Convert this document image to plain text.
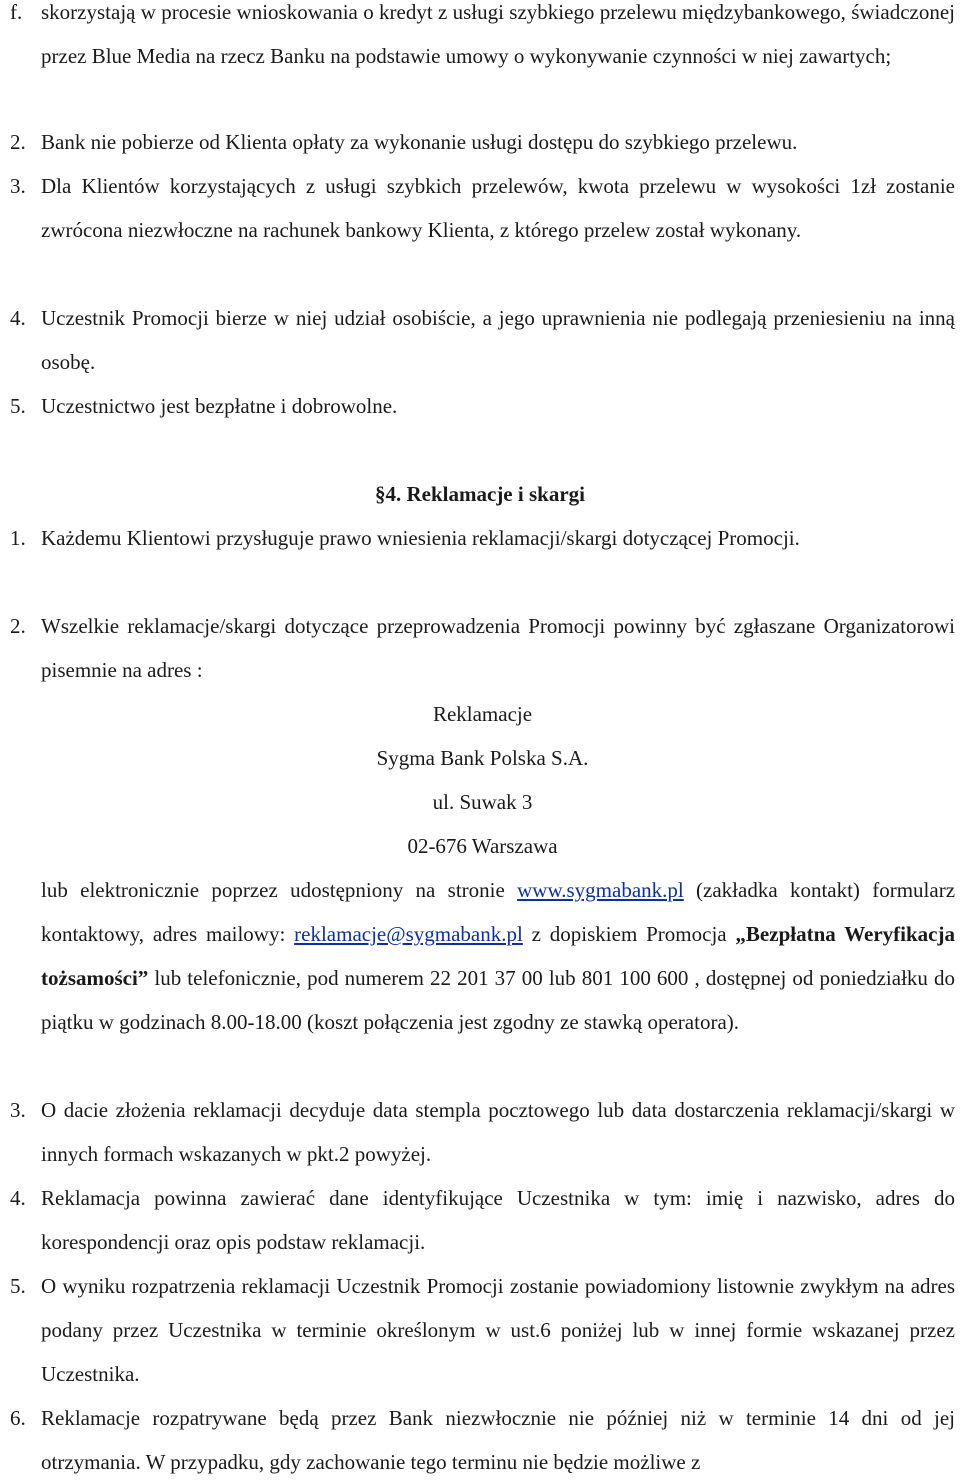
f. skorzystają w procesie wnioskowania o kredyt z usługi szybkiego przelewu międzybankowego, świadczonej przez Blue Media na rzecz Banku na podstawie umowy o wykonywanie czynności w niej zawartych;
2. Bank nie pobierze od Klienta opłaty za wykonanie usługi dostępu do szybkiego przelewu.
3. Dla Klientów korzystających z usługi szybkich przelewów, kwota przelewu w wysokości 1zł zostanie zwrócona niezwłoczne na rachunek bankowy Klienta, z którego przelew został wykonany.
4. Uczestnik Promocji bierze w niej udział osobiście, a jego uprawnienia nie podlegają przeniesieniu na inną osobę.
5. Uczestnictwo jest bezpłatne i dobrowolne.
§4. Reklamacje i skargi
1. Każdemu Klientowi przysługuje prawo wniesienia reklamacji/skargi dotyczącej Promocji.
2. Wszelkie reklamacje/skargi dotyczące przeprowadzenia Promocji powinny być zgłaszane Organizatorowi pisemnie na adres :
Reklamacje
Sygma Bank Polska S.A.
ul. Suwak 3
02-676 Warszawa
lub elektronicznie poprzez udostępniony na stronie www.sygmabank.pl (zakładka kontakt) formularz kontaktowy, adres mailowy: reklamacje@sygmabank.pl z dopiskiem Promocja „Bezpłatna Weryfikacja tożsamości” lub telefonicznie, pod numerem 22 201 37 00 lub 801 100 600 , dostępnej od poniedziałku do piątku w godzinach 8.00-18.00 (koszt połączenia jest zgodny ze stawką operatora).
3. O dacie złożenia reklamacji decyduje data stempla pocztowego lub data dostarczenia reklamacji/skargi w innych formach wskazanych w pkt.2 powyżej.
4. Reklamacja powinna zawierać dane identyfikujące Uczestnika w tym: imię i nazwisko, adres do korespondencji oraz opis podstaw reklamacji.
5. O wyniku rozpatrzenia reklamacji Uczestnik Promocji zostanie powiadomiony listownie zwykłym na adres podany przez Uczestnika w terminie określonym w ust.6 poniżej lub w innej formie wskazanej przez Uczestnika.
6. Reklamacje rozpatrywane będą przez Bank niezwłocznie nie później niż w terminie 14 dni od jej otrzymania. W przypadku, gdy zachowanie tego terminu nie będzie możliwe z
